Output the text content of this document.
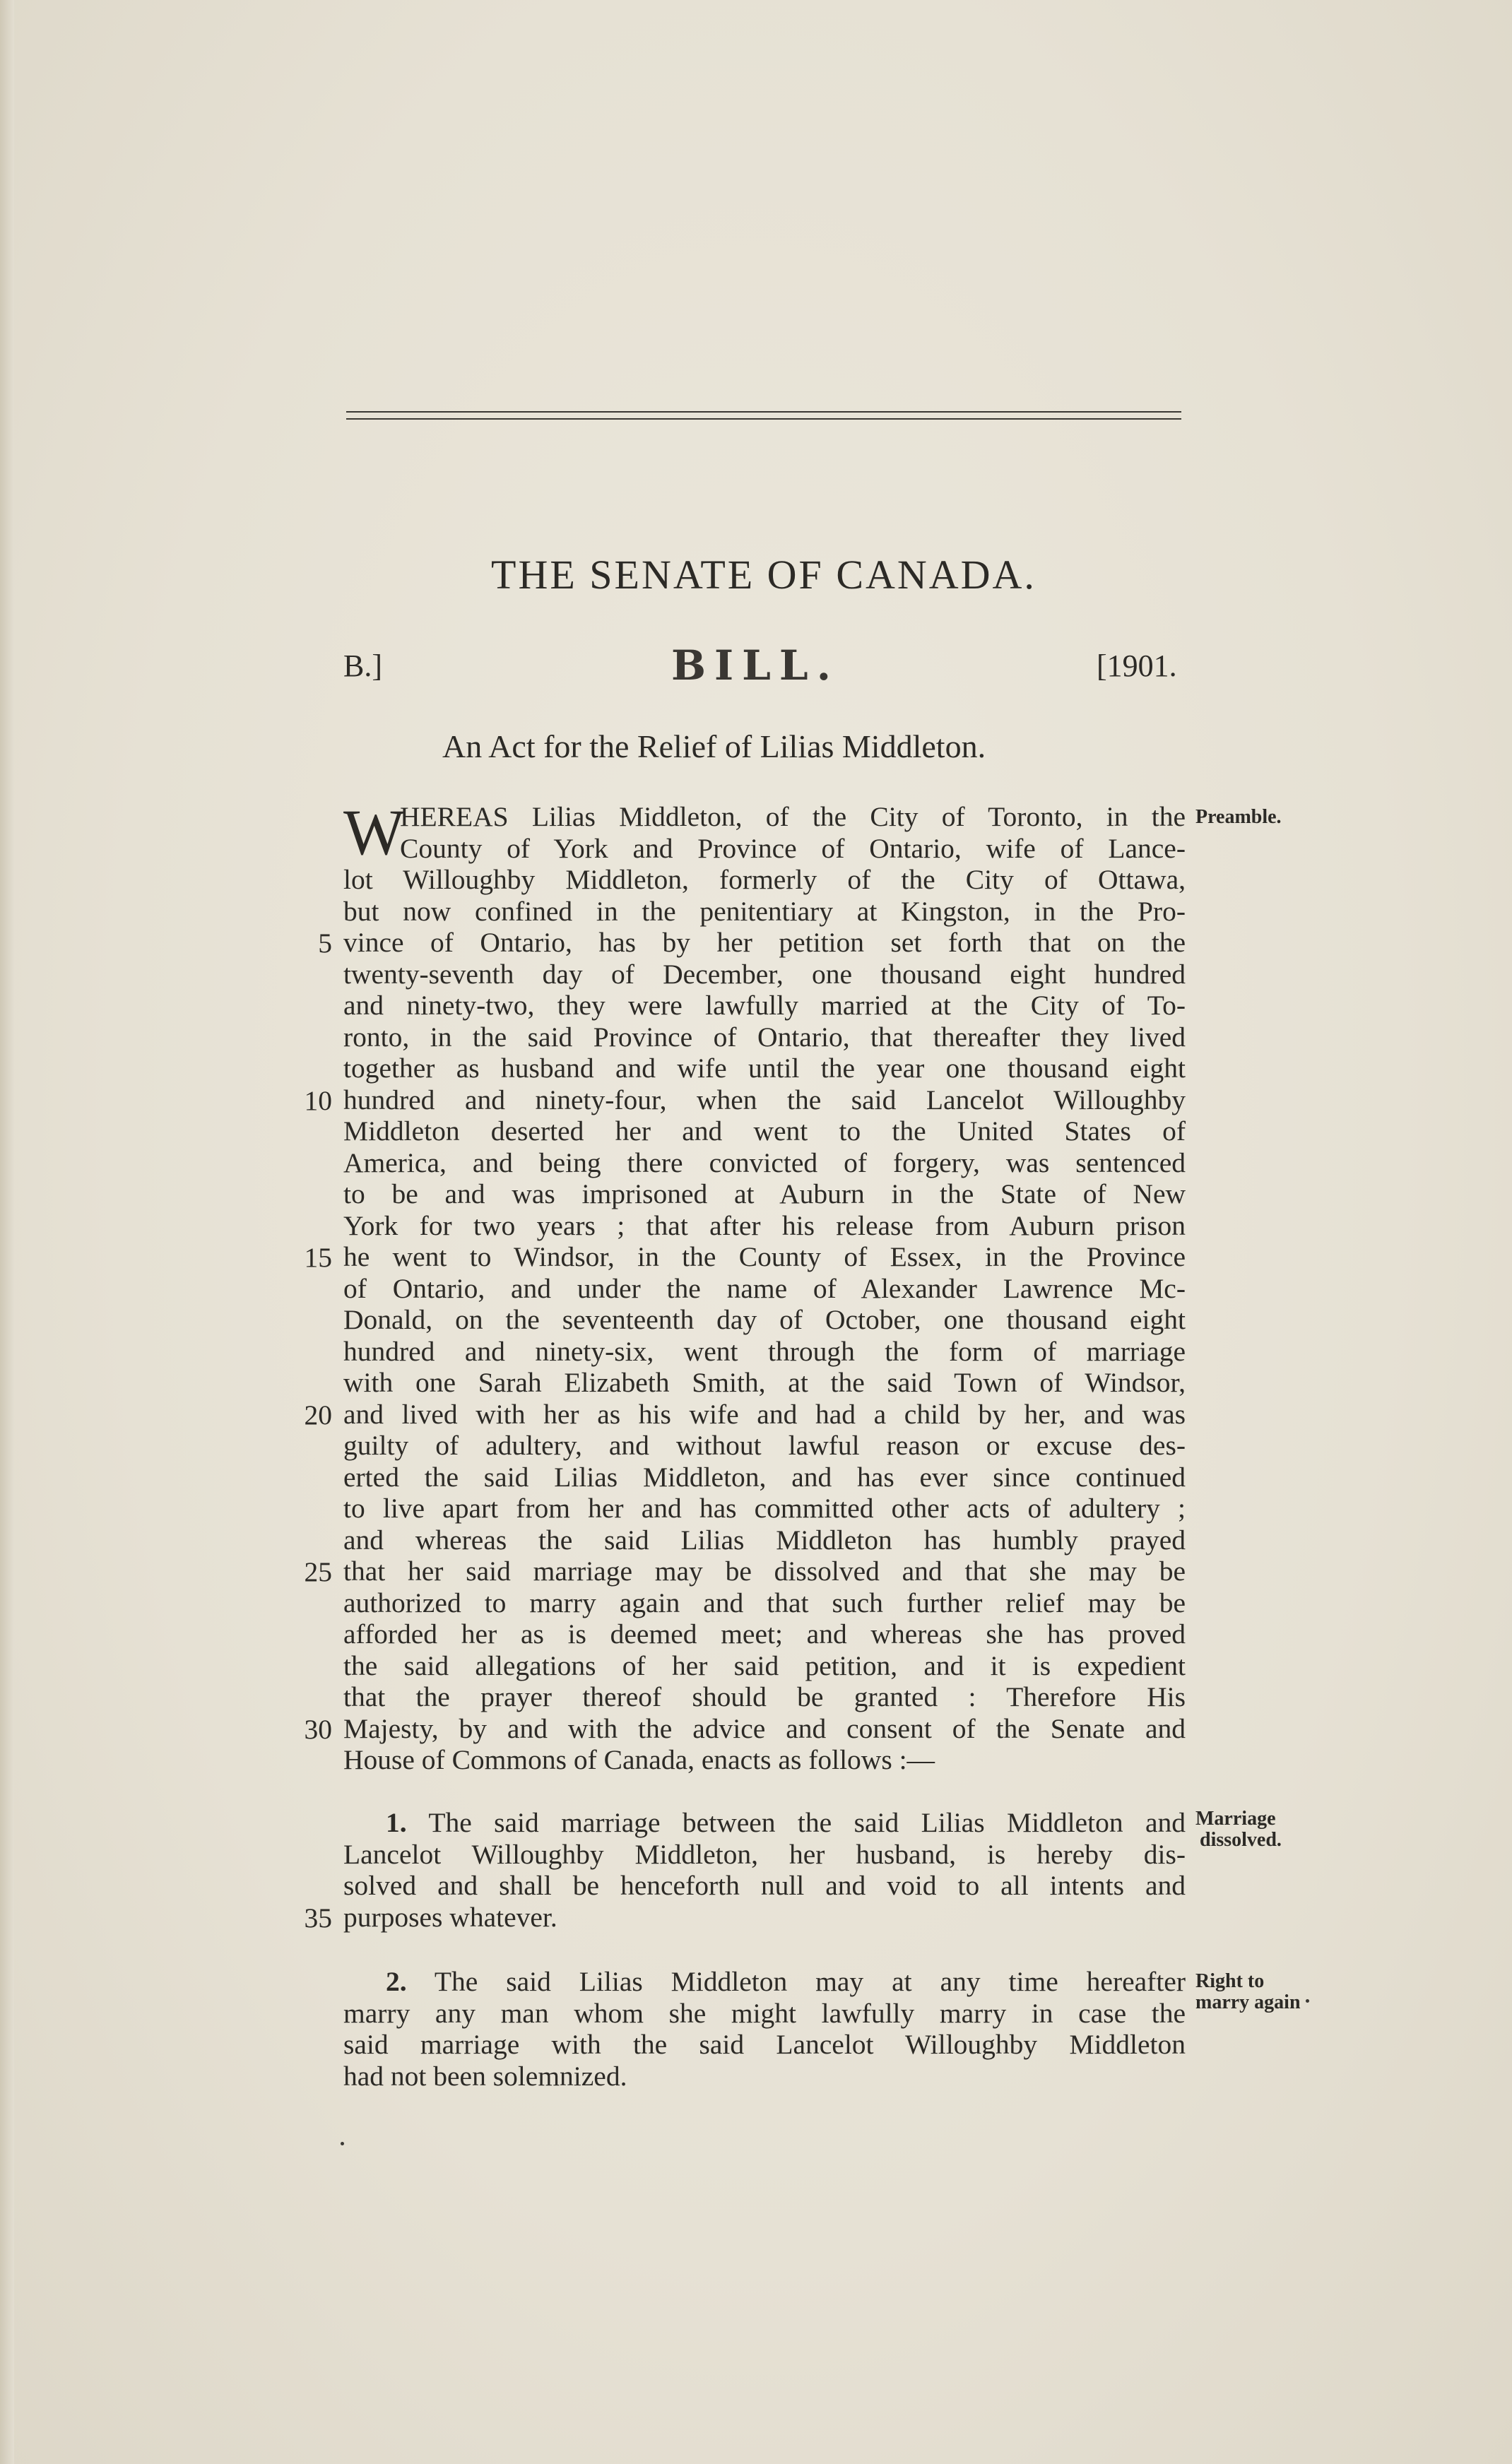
THE SENATE OF CANADA.
B.]	BILL.	[1901.
An Act for the Relief of Lilias Middleton.
W
HEREAS Lilias Middleton, of the City of Toronto, in the
County of York and Province of Ontario, wife of Lance-
lot Willoughby Middleton, formerly of the City of Ottawa,
but now confined in the penitentiary at Kingston, in the Pro-
vince of Ontario, has by her petition set forth that on the
twenty-seventh day of December, one thousand eight hundred
and ninety-two, they were lawfully married at the City of To-
ronto, in the said Province of Ontario, that thereafter they lived
together as husband and wife until the year one thousand eight
hundred and ninety-four, when the said Lancelot Willoughby
Middleton deserted her and went to the United States of
America, and being there convicted of forgery, was sentenced
to be and was imprisoned at Auburn in the State of New
York for two years ; that after his release from Auburn prison
he went to Windsor, in the County of Essex, in the Province
of Ontario, and under the name of Alexander Lawrence Mc-
Donald, on the seventeenth day of October, one thousand eight
hundred and ninety-six, went through the form of marriage
with one Sarah Elizabeth Smith, at the said Town of Windsor,
and lived with her as his wife and had a child by her, and was
guilty of adultery, and without lawful reason or excuse des-
erted the said Lilias Middleton, and has ever since continued
to live apart from her and has committed other acts of adultery ;
and whereas the said Lilias Middleton has humbly prayed
that her said marriage may be dissolved and that she may be
authorized to marry again and that such further relief may be
afforded her as is deemed meet; and whereas she has proved
the said allegations of her said petition, and it is expedient
that the prayer thereof should be granted : Therefore His
Majesty, by and with the advice and consent of the Senate and
House of Commons of Canada, enacts as follows :—
1. The said marriage between the said Lilias Middleton and
Lancelot Willoughby Middleton, her husband, is hereby dis-
solved and shall be henceforth null and void to all intents and
purposes whatever.
2. The said Lilias Middleton may at any time hereafter
marry any man whom she might lawfully marry in case the
said marriage with the said Lancelot Willoughby Middleton
had not been solemnized.
5
10
15
20
25
30
35
Preamble.
Marriage
dissolved.
Right to
marry again
